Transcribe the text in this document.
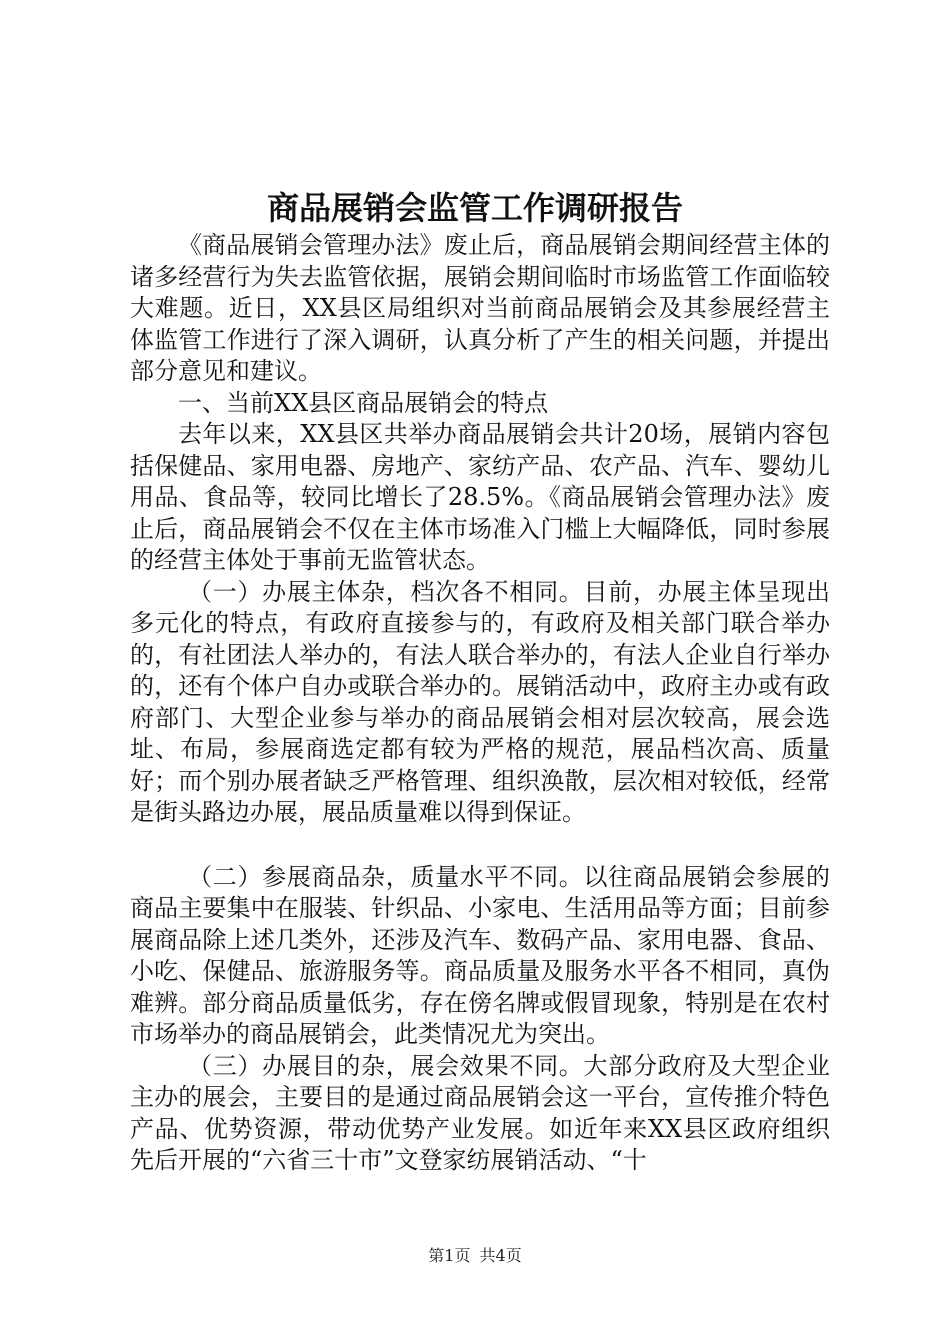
商品展销会监管工作调研报告

《商品展销会管理办法》废止后，商品展销会期间经营主体的诸多经营行为失去监管依据，展销会期间临时市场监管工作面临较大难题。近日，XX县区局组织对当前商品展销会及其参展经营主体监管工作进行了深入调研，认真分析了产生的相关问题，并提出部分意见和建议。

一、当前XX县区商品展销会的特点

去年以来，XX县区共举办商品展销会共计20场，展销内容包括保健品、家用电器、房地产、家纺产品、农产品、汽车、婴幼儿用品、食品等，较同比增长了28.5%。《商品展销会管理办法》废止后，商品展销会不仅在主体市场准入门槛上大幅降低，同时参展的经营主体处于事前无监管状态。

（一）办展主体杂，档次各不相同。目前，办展主体呈现出多元化的特点，有政府直接参与的，有政府及相关部门联合举办的，有社团法人举办的，有法人联合举办的，有法人企业自行举办的，还有个体户自办或联合举办的。展销活动中，政府主办或有政府部门、大型企业参与举办的商品展销会相对层次较高，展会选址、布局，参展商选定都有较为严格的规范，展品档次高、质量好；而个别办展者缺乏严格管理、组织涣散，层次相对较低，经常是街头路边办展，展品质量难以得到保证。

（二）参展商品杂，质量水平不同。以往商品展销会参展的商品主要集中在服装、针织品、小家电、生活用品等方面；目前参展商品除上述几类外，还涉及汽车、数码产品、家用电器、食品、小吃、保健品、旅游服务等。商品质量及服务水平各不相同，真伪难辨。部分商品质量低劣，存在傍名牌或假冒现象，特别是在农村市场举办的商品展销会，此类情况尤为突出。

（三）办展目的杂，展会效果不同。大部分政府及大型企业主办的展会，主要目的是通过商品展销会这一平台，宣传推介特色产品、优势资源，带动优势产业发展。如近年来XX县区政府组织先后开展的“六省三十市”文登家纺展销活动、“十

第1页 共4页
